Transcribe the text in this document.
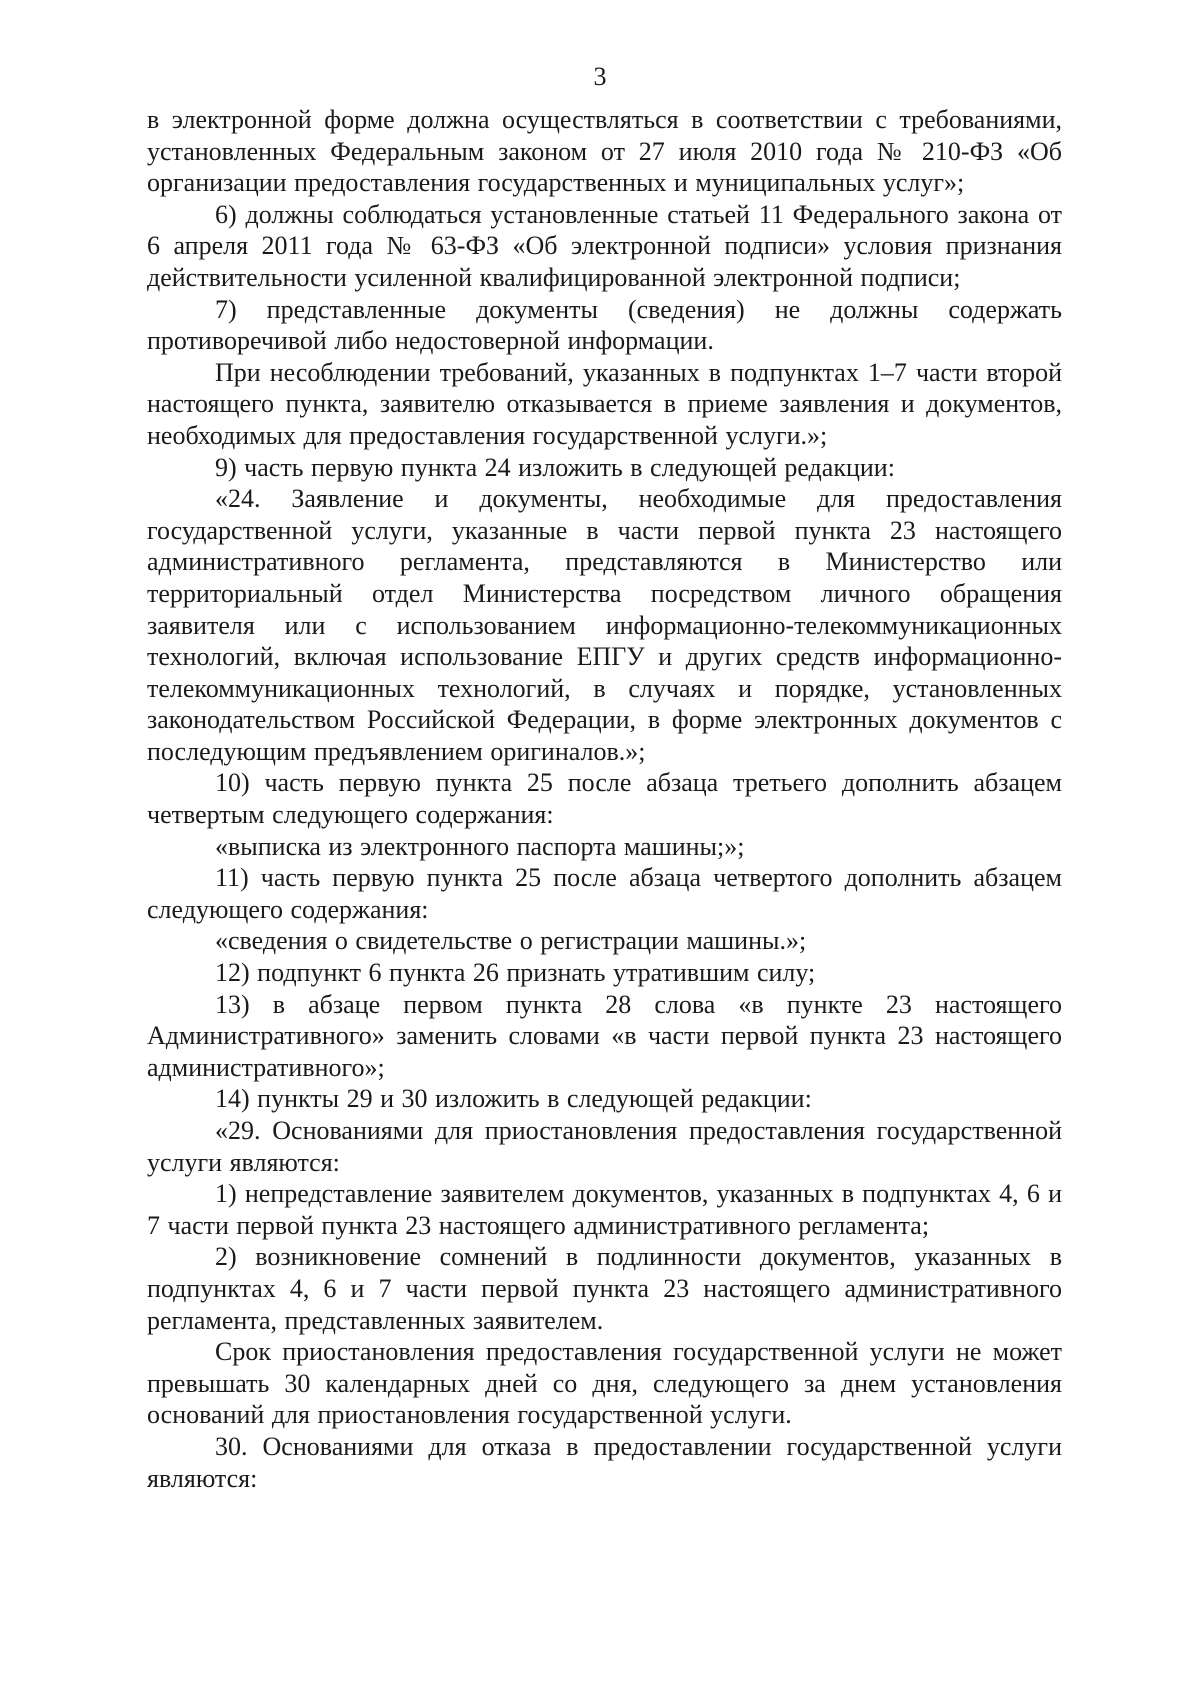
3

в электронной форме должна осуществляться в соответствии с требованиями, установленных Федеральным законом от 27 июля 2010 года № 210-ФЗ «Об организации предоставления государственных и муниципальных услуг»;

6) должны соблюдаться установленные статьей 11 Федерального закона от 6 апреля 2011 года № 63-ФЗ «Об электронной подписи» условия признания действительности усиленной квалифицированной электронной подписи;

7) представленные документы (сведения) не должны содержать противоречивой либо недостоверной информации.

При несоблюдении требований, указанных в подпунктах 1–7 части второй настоящего пункта, заявителю отказывается в приеме заявления и документов, необходимых для предоставления государственной услуги.»;

9) часть первую пункта 24 изложить в следующей редакции:

«24. Заявление и документы, необходимые для предоставления государственной услуги, указанные в части первой пункта 23 настоящего административного регламента, представляются в Министерство или территориальный отдел Министерства посредством личного обращения заявителя или с использованием информационно-телекоммуникационных технологий, включая использование ЕПГУ и других средств информационно-телекоммуникационных технологий, в случаях и порядке, установленных законодательством Российской Федерации, в форме электронных документов с последующим предъявлением оригиналов.»;

10) часть первую пункта 25 после абзаца третьего дополнить абзацем четвертым следующего содержания:

«выписка из электронного паспорта машины;»;

11) часть первую пункта 25 после абзаца четвертого дополнить абзацем следующего содержания:

«сведения о свидетельстве о регистрации машины.»;

12) подпункт 6 пункта 26 признать утратившим силу;

13) в абзаце первом пункта 28 слова «в пункте 23 настоящего Административного» заменить словами «в части первой пункта 23 настоящего административного»;

14) пункты 29 и 30 изложить в следующей редакции:

«29. Основаниями для приостановления предоставления государственной услуги являются:

1) непредставление заявителем документов, указанных в подпунктах 4, 6 и 7 части первой пункта 23 настоящего административного регламента;

2) возникновение сомнений в подлинности документов, указанных в подпунктах 4, 6 и 7 части первой пункта 23 настоящего административного регламента, представленных заявителем.

Срок приостановления предоставления государственной услуги не может превышать 30 календарных дней со дня, следующего за днем установления оснований для приостановления государственной услуги.

30. Основаниями для отказа в предоставлении государственной услуги являются:
